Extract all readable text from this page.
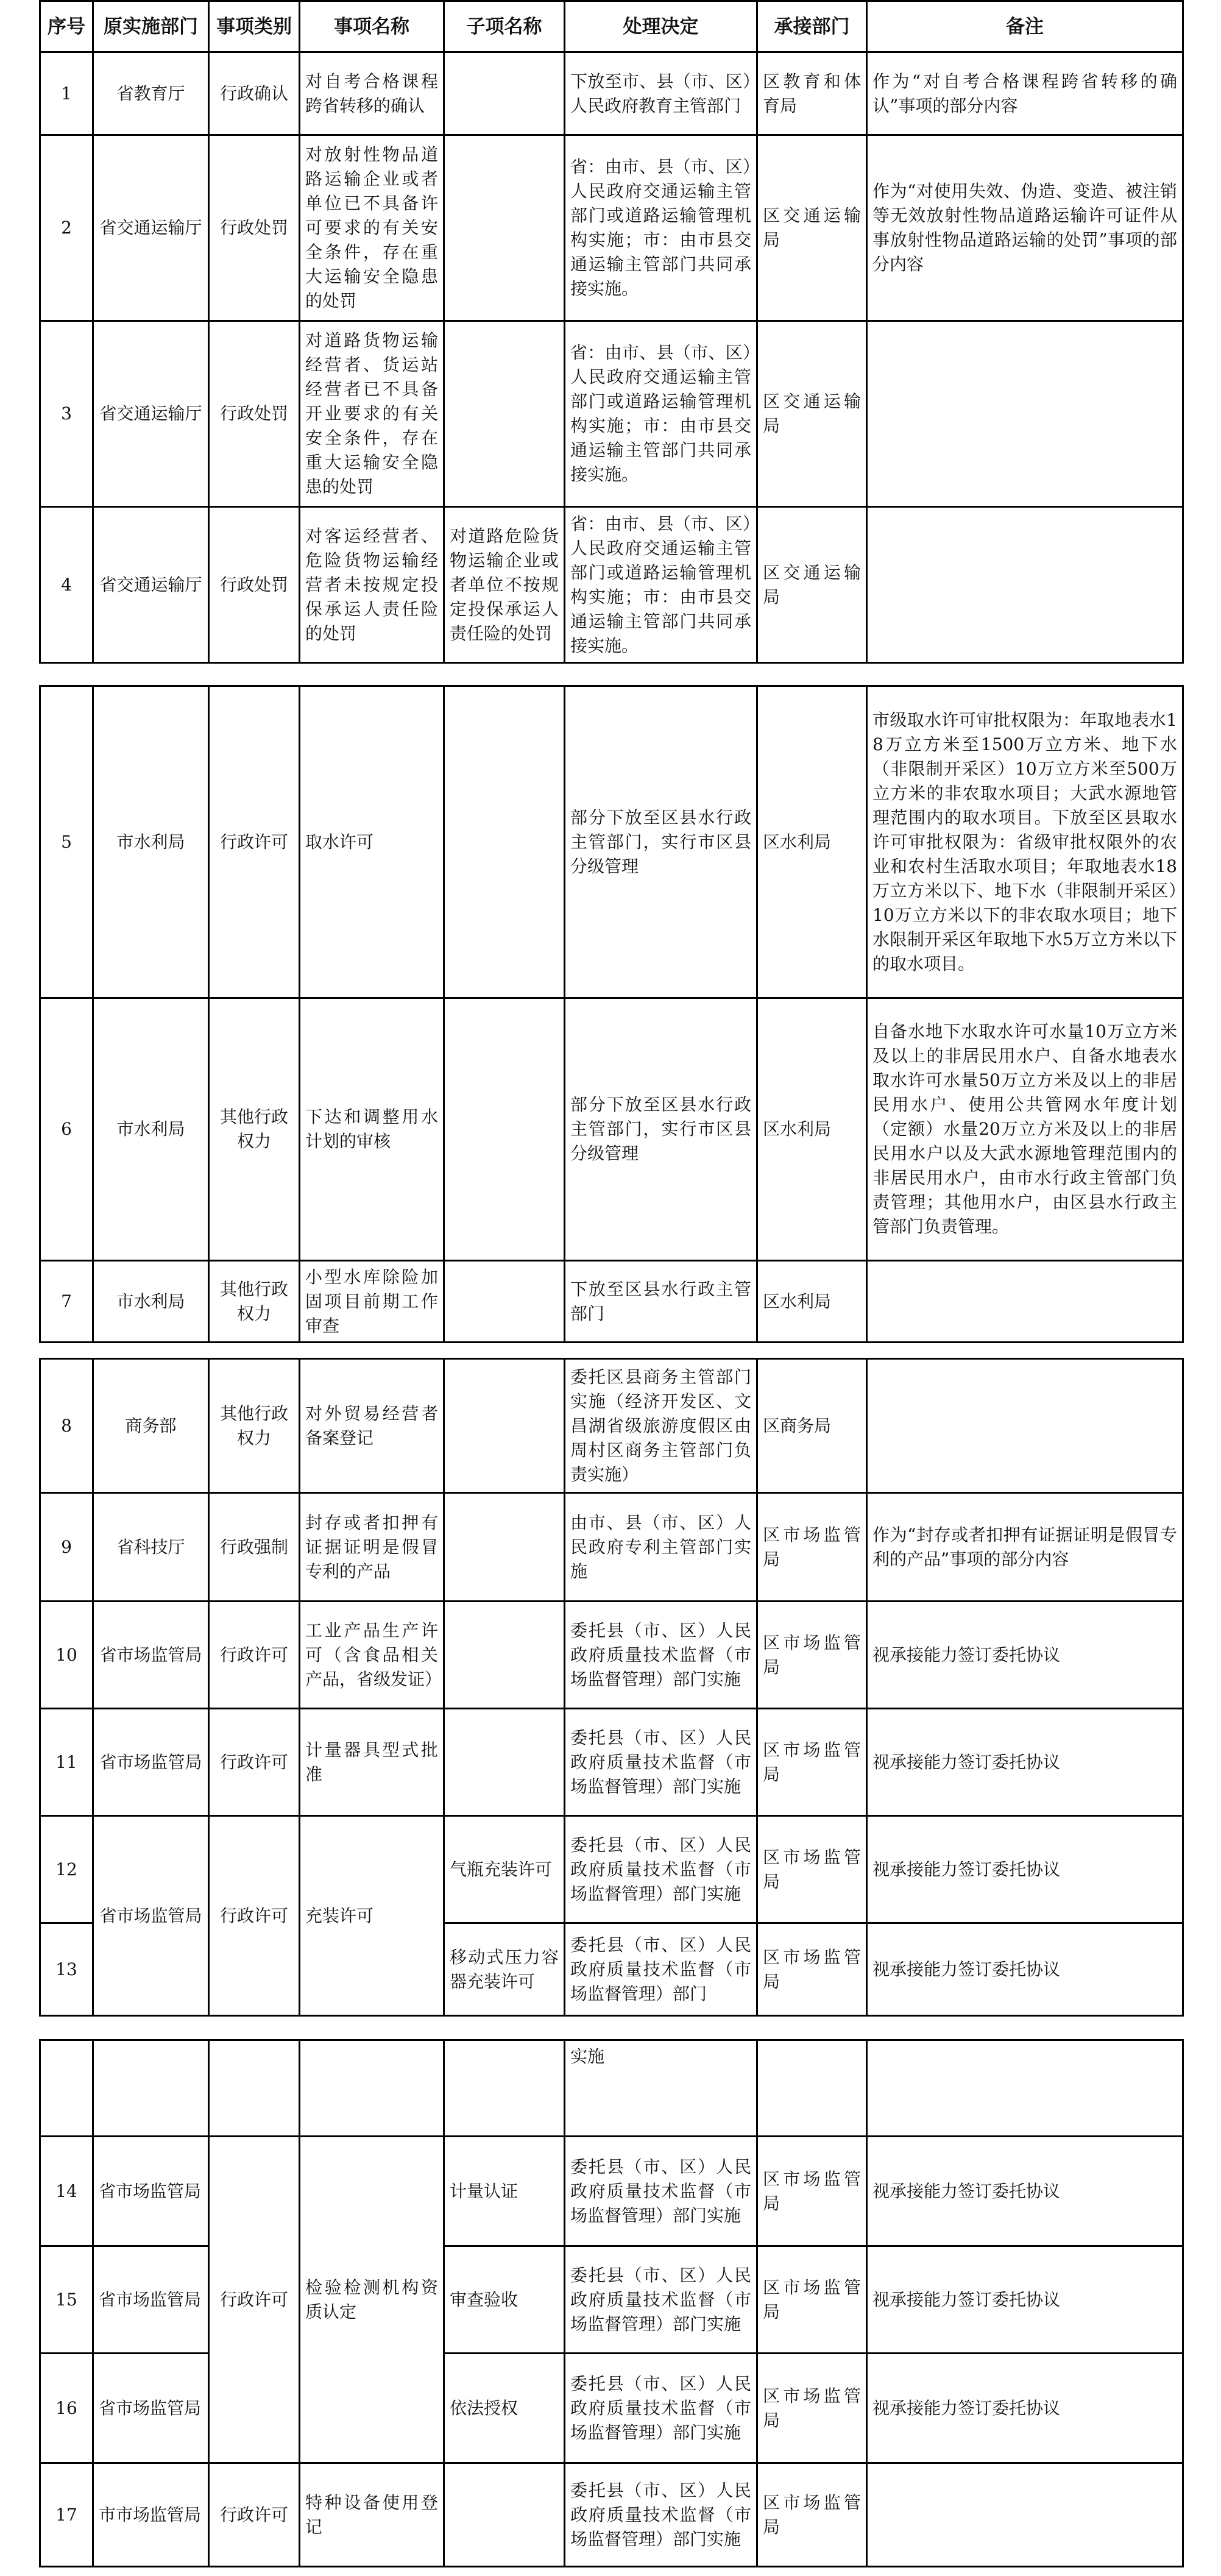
序号	原实施部门	事项类别	事项名称	子项名称	处理决定	承接部门	备注
1	省教育厅	行政确认	对自考合格课程跨省转移的确认		下放至市、县（市、区）人民政府教育主管部门	区教育和体育局	作为“对自考合格课程跨省转移的确认”事项的部分内容
2	省交通运输厅	行政处罚	对放射性物品道路运输企业或者单位已不具备许可要求的有关安全条件，存在重大运输安全隐患的处罚		省：由市、县（市、区）人民政府交通运输主管部门或道路运输管理机构实施；市：由市县交通运输主管部门共同承接实施。	区交通运输局	作为“对使用失效、伪造、变造、被注销等无效放射性物品道路运输许可证件从事放射性物品道路运输的处罚”事项的部分内容
3	省交通运输厅	行政处罚	对道路货物运输经营者、货运站经营者已不具备开业要求的有关安全条件，存在重大运输安全隐患的处罚		省：由市、县（市、区）人民政府交通运输主管部门或道路运输管理机构实施；市：由市县交通运输主管部门共同承接实施。	区交通运输局	
4	省交通运输厅	行政处罚	对客运经营者、危险货物运输经营者未按规定投保承运人责任险的处罚	对道路危险货物运输企业或者单位不按规定投保承运人责任险的处罚	省：由市、县（市、区）人民政府交通运输主管部门或道路运输管理机构实施；市：由市县交通运输主管部门共同承接实施。	区交通运输局	
5	市水利局	行政许可	取水许可		部分下放至区县水行政主管部门，实行市区县分级管理	区水利局	市级取水许可审批权限为：年取地表水18万立方米至1500万立方米、地下水（非限制开采区）10万立方米至500万立方米的非农取水项目；大武水源地管理范围内的取水项目。下放至区县取水许可审批权限为：省级审批权限外的农业和农村生活取水项目；年取地表水18万立方米以下、地下水（非限制开采区）10万立方米以下的非农取水项目；地下水限制开采区年取地下水5万立方米以下的取水项目。
6	市水利局	其他行政权力	下达和调整用水计划的审核		部分下放至区县水行政主管部门，实行市区县分级管理	区水利局	自备水地下水取水许可水量10万立方米及以上的非居民用水户、自备水地表水取水许可水量50万立方米及以上的非居民用水户、使用公共管网水年度计划（定额）水量20万立方米及以上的非居民用水户以及大武水源地管理范围内的非居民用水户，由市水行政主管部门负责管理；其他用水户，由区县水行政主管部门负责管理。
7	市水利局	其他行政权力	小型水库除险加固项目前期工作审查		下放至区县水行政主管部门	区水利局	
8	商务部	其他行政权力	对外贸易经营者备案登记		委托区县商务主管部门实施（经济开发区、文昌湖省级旅游度假区由周村区商务主管部门负责实施）	区商务局	
9	省科技厅	行政强制	封存或者扣押有证据证明是假冒专利的产品		由市、县（市、区）人民政府专利主管部门实施	区市场监管局	作为“封存或者扣押有证据证明是假冒专利的产品”事项的部分内容
10	省市场监管局	行政许可	工业产品生产许可（含食品相关产品，省级发证）		委托县（市、区）人民政府质量技术监督（市场监督管理）部门实施	区市场监管局	视承接能力签订委托协议
11	省市场监管局	行政许可	计量器具型式批准		委托县（市、区）人民政府质量技术监督（市场监督管理）部门实施	区市场监管局	视承接能力签订委托协议
12	省市场监管局	行政许可	充装许可	气瓶充装许可	委托县（市、区）人民政府质量技术监督（市场监督管理）部门实施	区市场监管局	视承接能力签订委托协议
13				移动式压力容器充装许可	委托县（市、区）人民政府质量技术监督（市场监督管理）部门	区市场监管局	视承接能力签订委托协议
					实施		
14	省市场监管局	行政许可	检验检测机构资质认定	计量认证	委托县（市、区）人民政府质量技术监督（市场监督管理）部门实施	区市场监管局	视承接能力签订委托协议
15	省市场监管局			审查验收	委托县（市、区）人民政府质量技术监督（市场监督管理）部门实施	区市场监管局	视承接能力签订委托协议
16	省市场监管局			依法授权	委托县（市、区）人民政府质量技术监督（市场监督管理）部门实施	区市场监管局	视承接能力签订委托协议
17	市市场监管局	行政许可	特种设备使用登记		委托县（市、区）人民政府质量技术监督（市场监督管理）部门实施	区市场监管局	
